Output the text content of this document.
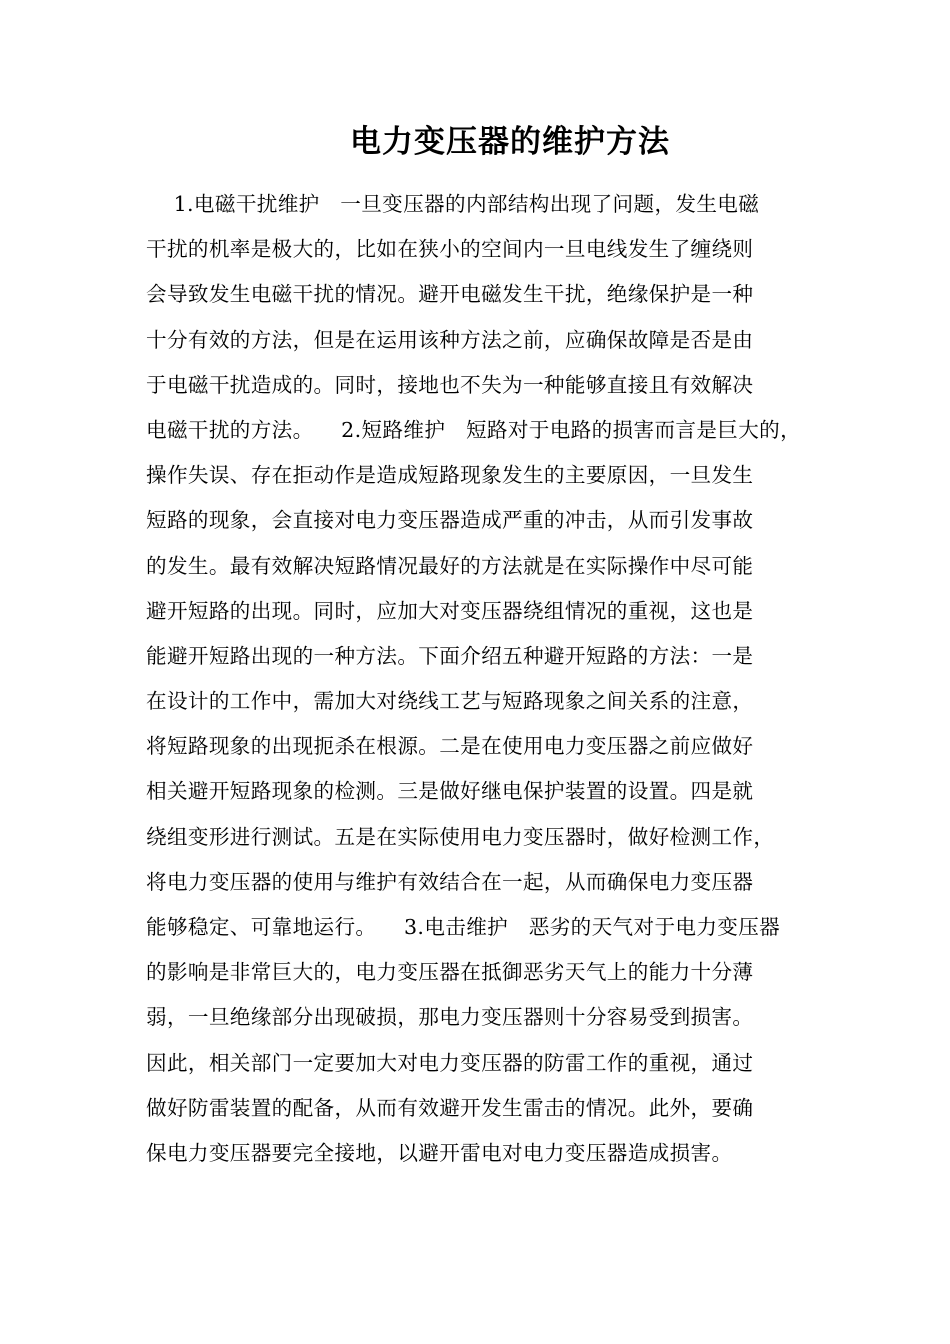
电力变压器的维护方法
1.电磁干扰维护   一旦变压器的内部结构出现了问题，发生电磁
干扰的机率是极大的，比如在狭小的空间内一旦电线发生了缠绕则
会导致发生电磁干扰的情况。避开电磁发生干扰，绝缘保护是一种
十分有效的方法，但是在运用该种方法之前，应确保故障是否是由
于电磁干扰造成的。同时，接地也不失为一种能够直接且有效解决
电磁干扰的方法。    2.短路维护   短路对于电路的损害而言是巨大的，
操作失误、存在拒动作是造成短路现象发生的主要原因，一旦发生
短路的现象，会直接对电力变压器造成严重的冲击，从而引发事故
的发生。最有效解决短路情况最好的方法就是在实际操作中尽可能
避开短路的出现。同时，应加大对变压器绕组情况的重视，这也是
能避开短路出现的一种方法。下面介绍五种避开短路的方法：一是
在设计的工作中，需加大对绕线工艺与短路现象之间关系的注意，
将短路现象的出现扼杀在根源。二是在使用电力变压器之前应做好
相关避开短路现象的检测。三是做好继电保护装置的设置。四是就
绕组变形进行测试。五是在实际使用电力变压器时，做好检测工作，
将电力变压器的使用与维护有效结合在一起，从而确保电力变压器
能够稳定、可靠地运行。    3.电击维护   恶劣的天气对于电力变压器
的影响是非常巨大的，电力变压器在抵御恶劣天气上的能力十分薄
弱，一旦绝缘部分出现破损，那电力变压器则十分容易受到损害。
因此，相关部门一定要加大对电力变压器的防雷工作的重视，通过
做好防雷装置的配备，从而有效避开发生雷击的情况。此外，要确
保电力变压器要完全接地，以避开雷电对电力变压器造成损害。
